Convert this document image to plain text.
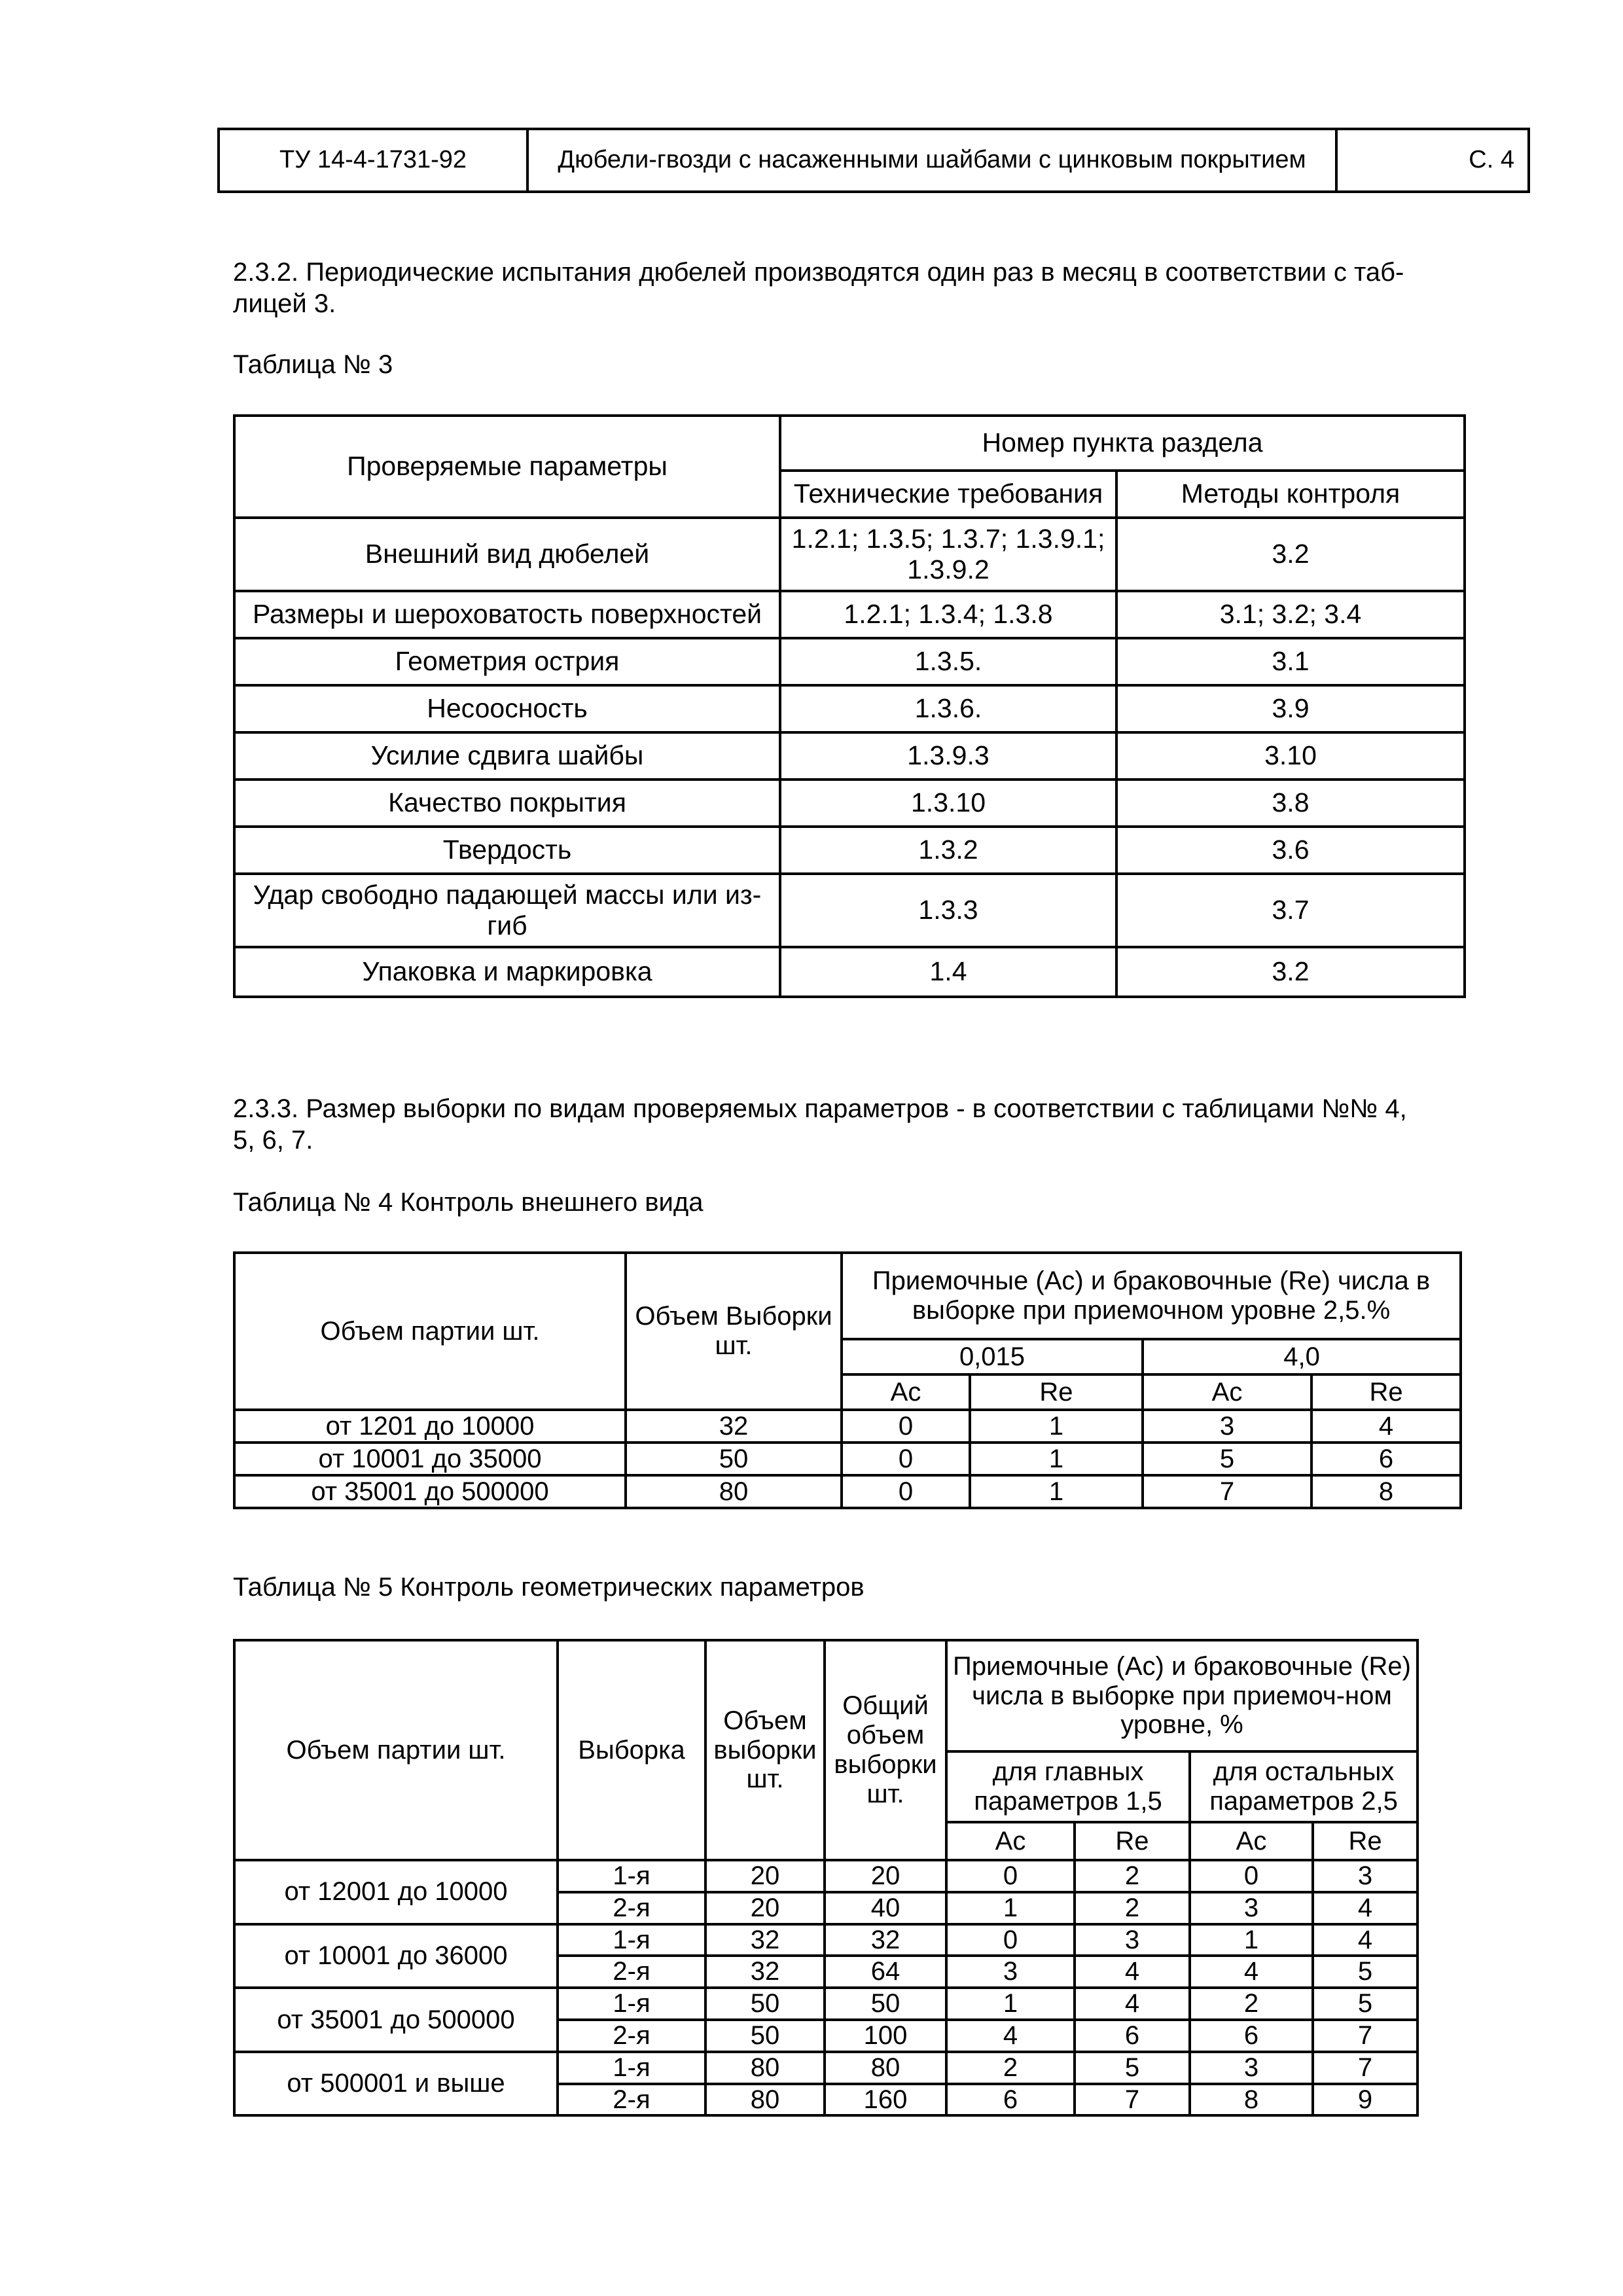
ТУ 14-4-1731-92	Дюбели-гвозди с насаженными шайбами с цинковым покрытием	С. 4
2.3.2. Периодические испытания дюбелей производятся один раз в месяц в соответствии с таб-
лицей 3.
Таблица № 3
Проверяемые параметры	Номер пункта раздела	
	Технические требования	Методы контроля
Внешний вид дюбелей	1.2.1; 1.3.5; 1.3.7; 1.3.9.1; 1.3.9.2	3.2
Размеры и шероховатость поверхностей	1.2.1; 1.3.4; 1.3.8	3.1; 3.2; 3.4
Геометрия острия	1.3.5.	3.1
Несоосность	1.3.6.	3.9
Усилие сдвига шайбы	1.3.9.3	3.10
Качество покрытия	1.3.10	3.8
Твердость	1.3.2	3.6
Удар свободно падающей массы или из-гиб	1.3.3	3.7
Упаковка и маркировка	1.4	3.2
2.3.3. Размер выборки по видам проверяемых параметров - в соответствии с таблицами №№ 4,
5, 6, 7.
Таблица № 4 Контроль внешнего вида
Объем партии шт.	Объем Выборки шт.	Приемочные (Ас) и браковочные (Re) числа в выборке при приемочном уровне 2,5.%			
		0,015		4,0	
		Ас	Re	Ас	Re
от 1201 до 10000	32	0	1	3	4
от 10001 до 35000	50	0	1	5	6
от 35001 до 500000	80	0	1	7	8
Таблица № 5 Контроль геометрических параметров
Объем партии шт.	Выборка	Объем выборки шт.	Общий объем выборки шт.	Приемочные (Ас) и браковочные (Re) числа в выборке при приемоч-ном уровне, %			
				для главных параметров 1,5		для остальных параметров 2,5	
				Ас	Re	Ас	Re
от 12001 до 10000	1-я	20	20	0	2	0	3
	2-я	20	40	1	2	3	4
от 10001 до 36000	1-я	32	32	0	3	1	4
	2-я	32	64	3	4	4	5
от 35001 до 500000	1-я	50	50	1	4	2	5
	2-я	50	100	4	6	6	7
от 500001 и выше	1-я	80	80	2	5	3	7
	2-я	80	160	6	7	8	9
